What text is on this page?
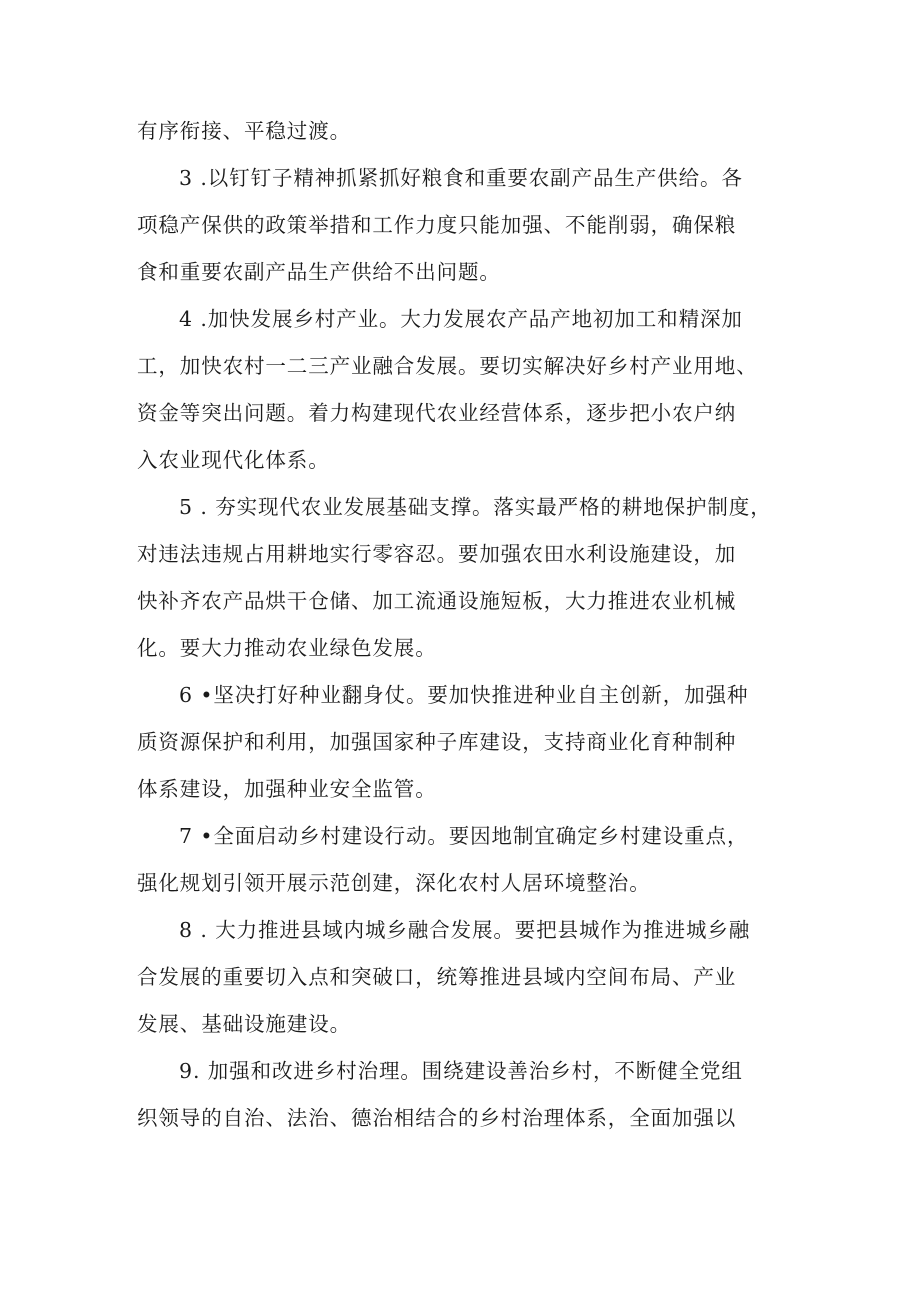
有序衔接、平稳过渡。
3 .以钉钉子精神抓紧抓好粮食和重要农副产品生产供给。各
项稳产保供的政策举措和工作力度只能加强、不能削弱，确保粮
食和重要农副产品生产供给不出问题。
4 .加快发展乡村产业。大力发展农产品产地初加工和精深加
工，加快农村一二三产业融合发展。要切实解决好乡村产业用地、
资金等突出问题。着力构建现代农业经营体系，逐步把小农户纳
入农业现代化体系。
5 . 夯实现代农业发展基础支撑。落实最严格的耕地保护制度，
对违法违规占用耕地实行零容忍。要加强农田水利设施建设，加
快补齐农产品烘干仓储、加工流通设施短板，大力推进农业机械
化。要大力推动农业绿色发展。
6 •坚决打好种业翻身仗。要加快推进种业自主创新，加强种
质资源保护和利用，加强国家种子库建设，支持商业化育种制种
体系建设，加强种业安全监管。
7 •全面启动乡村建设行动。要因地制宜确定乡村建设重点，
强化规划引领开展示范创建，深化农村人居环境整治。
8 . 大力推进县域内城乡融合发展。要把县城作为推进城乡融
合发展的重要切入点和突破口，统筹推进县域内空间布局、产业
发展、基础设施建设。
9. 加强和改进乡村治理。围绕建设善治乡村，不断健全党组
织领导的自治、法治、德治相结合的乡村治理体系，全面加强以
